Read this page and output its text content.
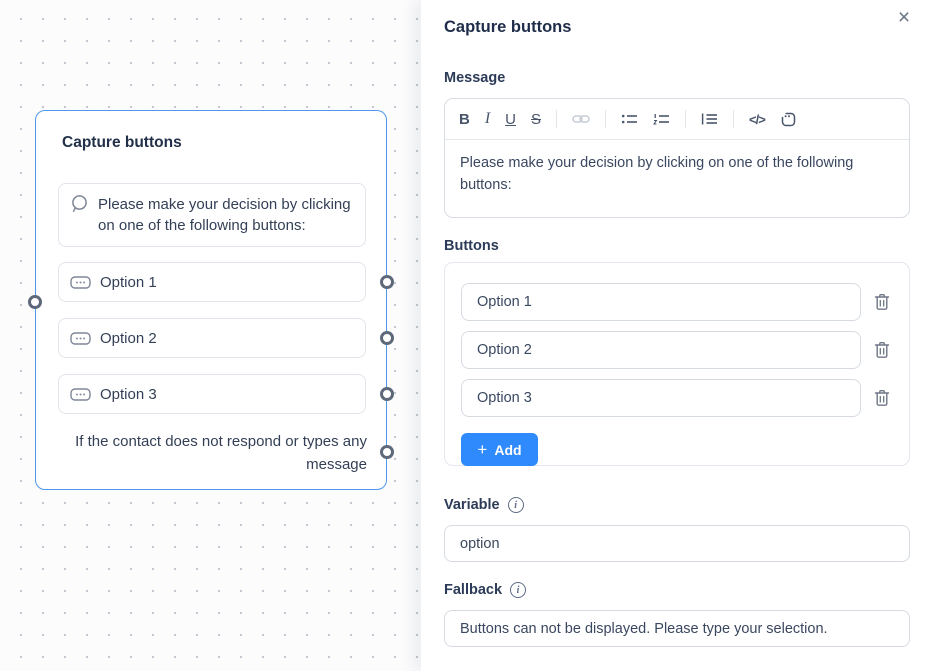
Capture buttons
Please make your decision by clicking on one of the following buttons:
Option 1
Option 2
Option 3
If the contact does not respond or types any message
Capture buttons	×
Message
B I U S	</>
Please make your decision by clicking on one of the following buttons:
Buttons
Option 1
Option 2
Option 3
+ Add
Variable	i
option
Fallback	i
Buttons can not be displayed. Please type your selection.
